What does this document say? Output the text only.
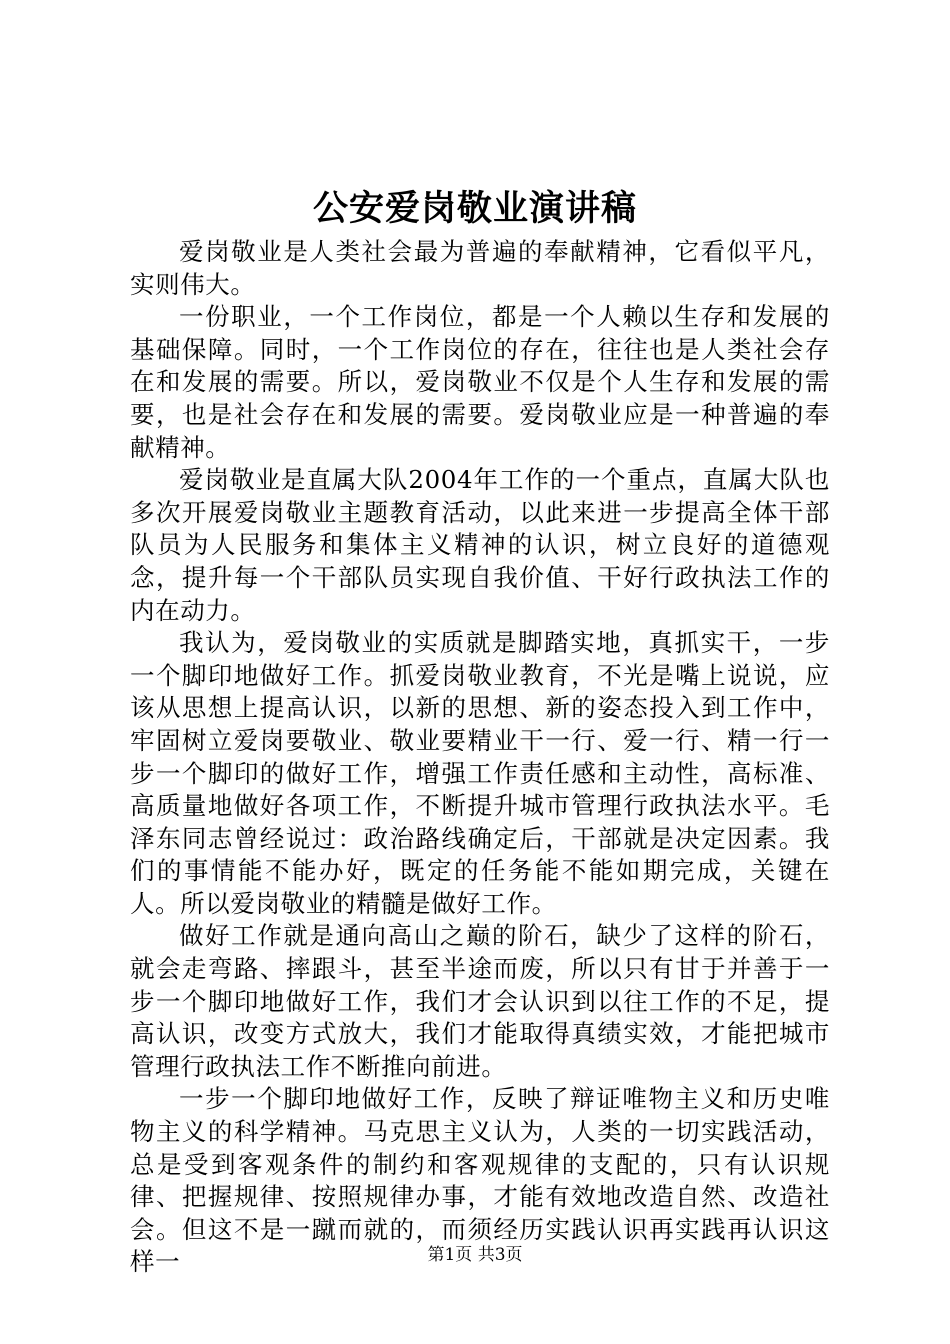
公安爱岗敬业演讲稿

爱岗敬业是人类社会最为普遍的奉献精神，它看似平凡，实则伟大。

一份职业，一个工作岗位，都是一个人赖以生存和发展的基础保障。同时，一个工作岗位的存在，往往也是人类社会存在和发展的需要。所以，爱岗敬业不仅是个人生存和发展的需要，也是社会存在和发展的需要。爱岗敬业应是一种普遍的奉献精神。

爱岗敬业是直属大队2004年工作的一个重点，直属大队也多次开展爱岗敬业主题教育活动，以此来进一步提高全体干部队员为人民服务和集体主义精神的认识，树立良好的道德观念，提升每一个干部队员实现自我价值、干好行政执法工作的内在动力。

我认为，爱岗敬业的实质就是脚踏实地，真抓实干，一步一个脚印地做好工作。抓爱岗敬业教育，不光是嘴上说说，应该从思想上提高认识，以新的思想、新的姿态投入到工作中，牢固树立爱岗要敬业、敬业要精业干一行、爱一行、精一行一步一个脚印的做好工作，增强工作责任感和主动性，高标准、高质量地做好各项工作，不断提升城市管理行政执法水平。毛泽东同志曾经说过：政治路线确定后，干部就是决定因素。我们的事情能不能办好，既定的任务能不能如期完成，关键在人。所以爱岗敬业的精髓是做好工作。

做好工作就是通向高山之巅的阶石，缺少了这样的阶石，就会走弯路、摔跟斗，甚至半途而废，所以只有甘于并善于一步一个脚印地做好工作，我们才会认识到以往工作的不足，提高认识，改变方式放大，我们才能取得真绩实效，才能把城市管理行政执法工作不断推向前进。

一步一个脚印地做好工作，反映了辩证唯物主义和历史唯物主义的科学精神。马克思主义认为，人类的一切实践活动，总是受到客观条件的制约和客观规律的支配的，只有认识规律、把握规律、按照规律办事，才能有效地改造自然、改造社会。但这不是一蹴而就的，而须经历实践认识再实践再认识这样一	第1页 共3页
